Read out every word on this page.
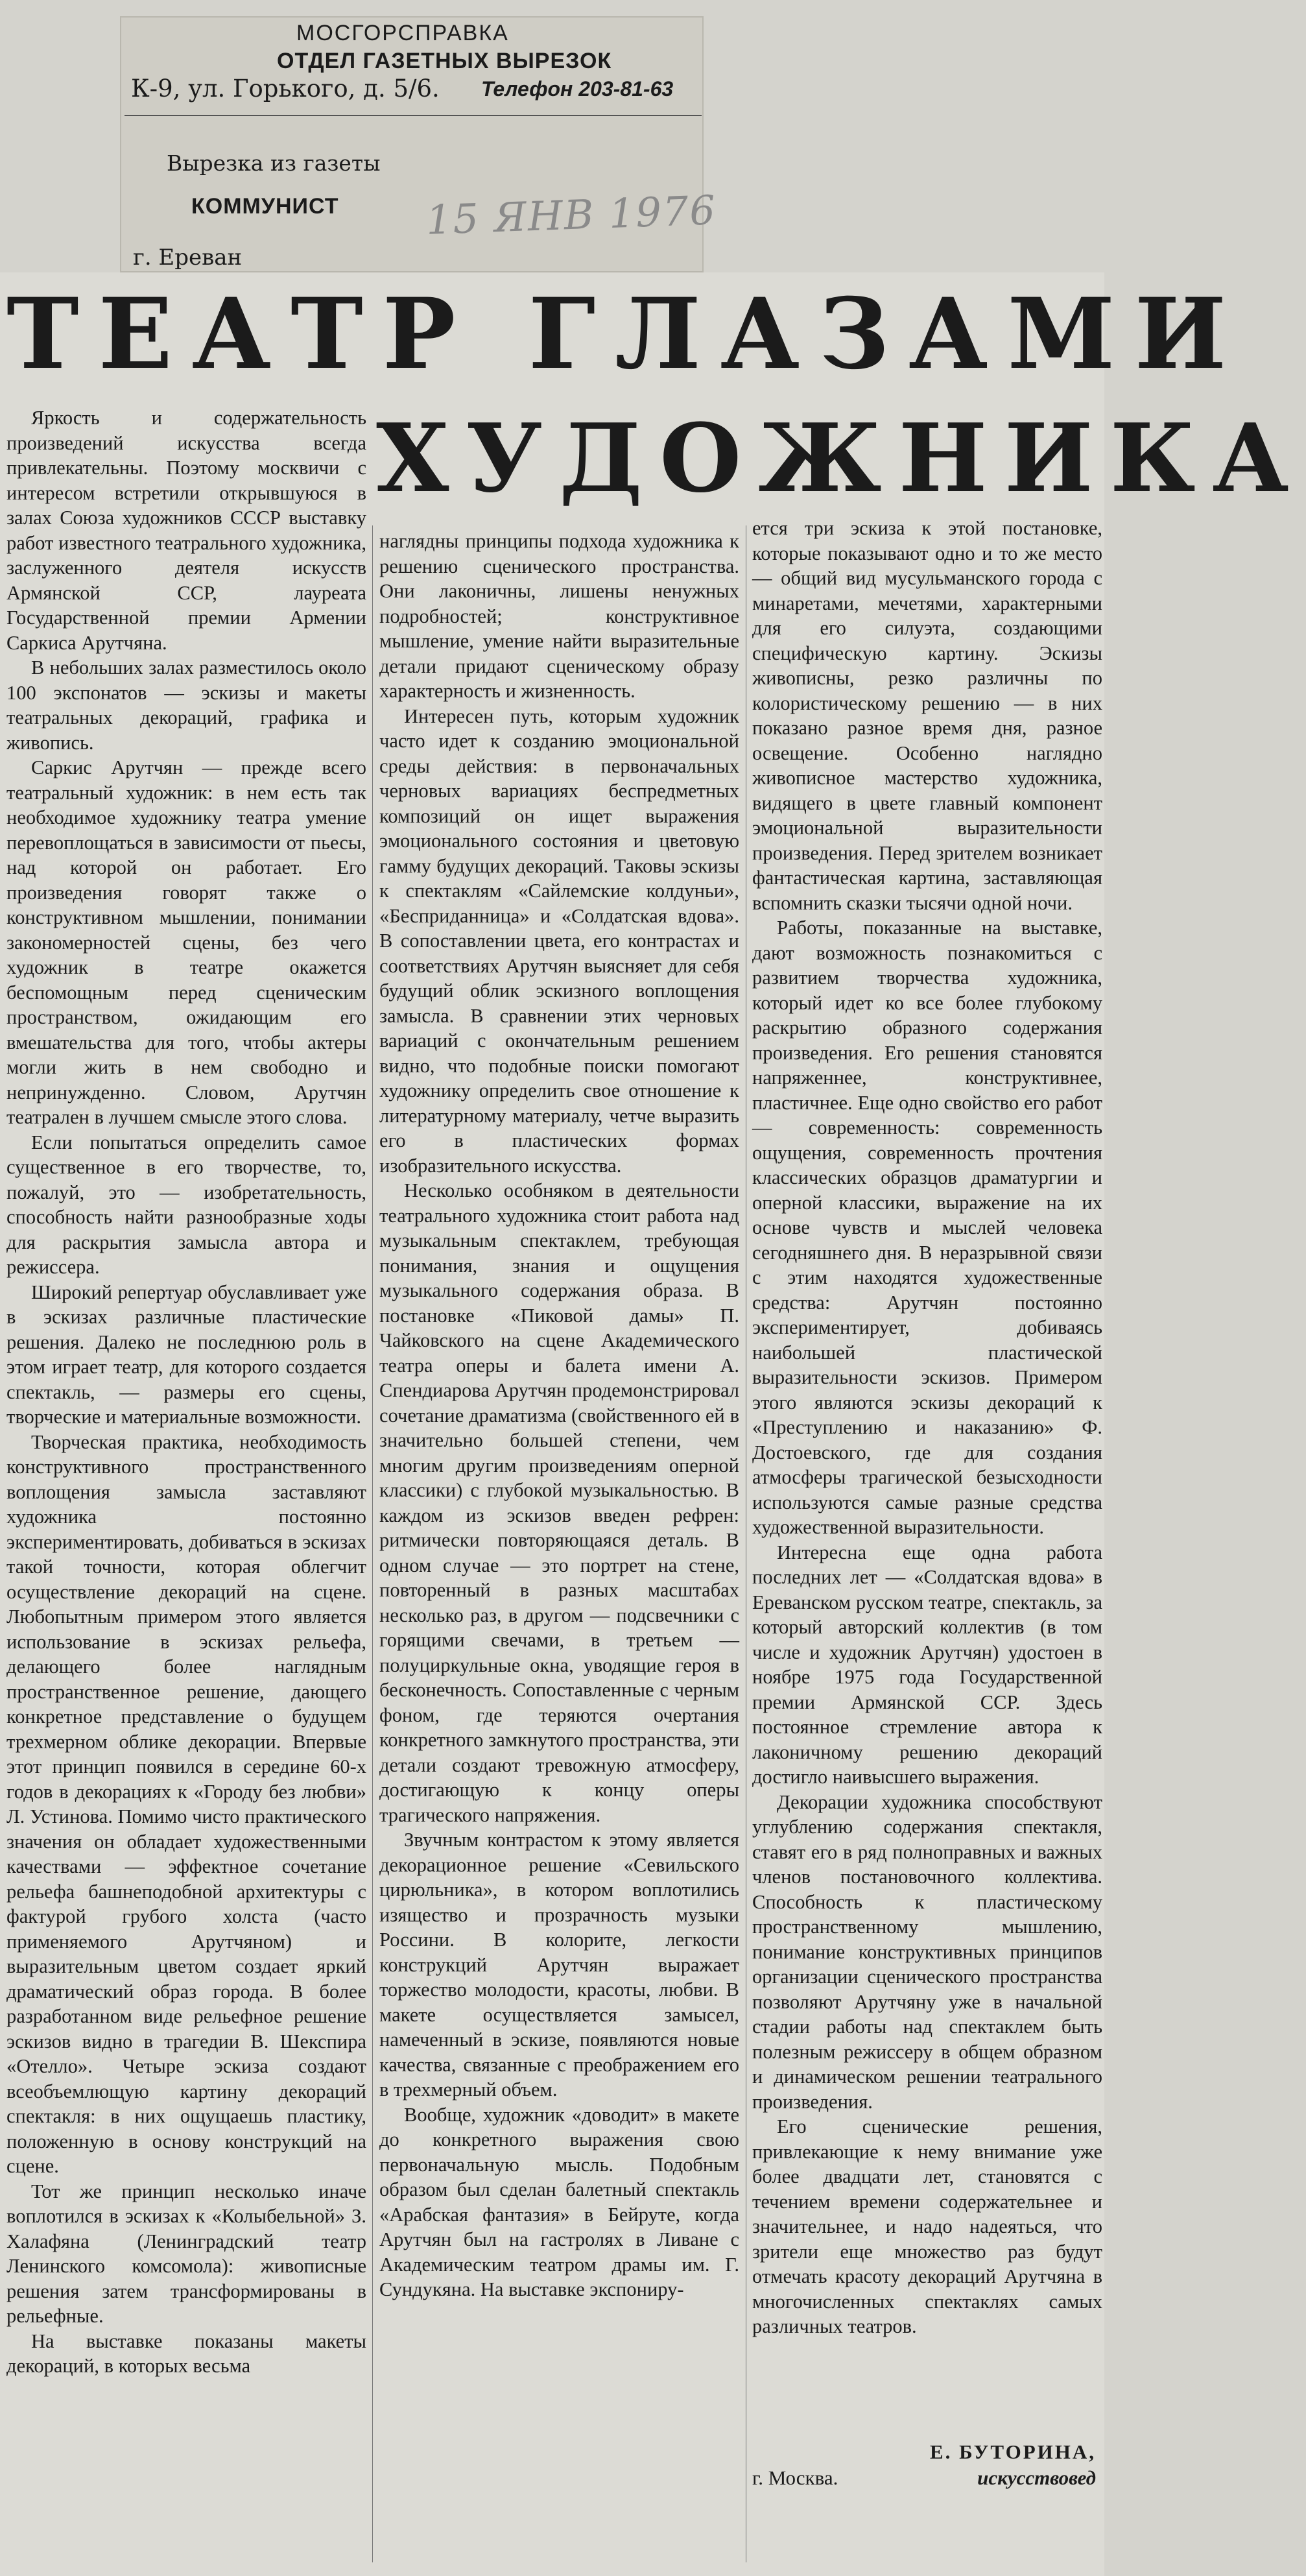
МОСГОРСПРАВКА
ОТДЕЛ ГАЗЕТНЫХ ВЫРЕЗОК
К-9, ул. Горького, д. 5/6. Телефон 203-81-63
Вырезка из газеты
КОММУНИСТ 15 ЯНВ 1976
г. Ереван
ТЕАТР ГЛАЗАМИ
ХУДОЖНИКА

Яркость и содержательность произведений искусства всегда привлекательны. Поэтому москвичи с интересом встретили открывшуюся в залах Союза художников СССР выставку работ известного театрального художника, заслуженного деятеля искусств Армянской ССР, лауреата Государственной премии Армении Саркиса Арутчяна.

В небольших залах разместилось около 100 экспонатов — эскизы и макеты театральных декораций, графика и живопись.

Саркис Арутчян — прежде всего театральный художник: в нем есть так необходимое художнику театра умение перевоплощаться в зависимости от пьесы, над которой он работает. Его произведения говорят также о конструктивном мышлении, понимании закономерностей сцены, без чего художник в театре окажется беспомощным перед сценическим пространством, ожидающим его вмешательства для того, чтобы актеры могли жить в нем свободно и непринужденно. Словом, Арутчян театрален в лучшем смысле этого слова.

Если попытаться определить самое существенное в его творчестве, то, пожалуй, это — изобретательность, способность найти разнообразные ходы для раскрытия замысла автора и режиссера.

Широкий репертуар обуславливает уже в эскизах различные пластические решения. Далеко не последнюю роль в этом играет театр, для которого создается спектакль, — размеры его сцены, творческие и материальные возможности.

Творческая практика, необходимость конструктивного пространственного воплощения замысла заставляют художника постоянно экспериментировать, добиваться в эскизах такой точности, которая облегчит осуществление декораций на сцене. Любопытным примером этого является использование в эскизах рельефа, делающего более наглядным пространственное решение, дающего конкретное представление о будущем трехмерном облике декорации. Впервые этот принцип появился в середине 60-х годов в декорациях к «Городу без любви» Л. Устинова. Помимо чисто практического значения он обладает художественными качествами — эффектное сочетание рельефа башнеподобной архитектуры с фактурой грубого холста (часто применяемого Арутчяном) и выразительным цветом создает яркий драматический образ города. В более разработанном виде рельефное решение эскизов видно в трагедии В. Шекспира «Отелло». Четыре эскиза создают всеобъемлющую картину декораций спектакля: в них ощущаешь пластику, положенную в основу конструкций на сцене.

Тот же принцип несколько иначе воплотился в эскизах к «Колыбельной» З. Халафяна (Ленинградский театр Ленинского комсомола): живописные решения затем трансформированы в рельефные.

На выставке показаны макеты декораций, в которых весьма

наглядны принципы подхода художника к решению сценического пространства. Они лаконичны, лишены ненужных подробностей; конструктивное мышление, умение найти выразительные детали придают сценическому образу характерность и жизненность.

Интересен путь, которым художник часто идет к созданию эмоциональной среды действия: в первоначальных черновых вариациях беспредметных композиций он ищет выражения эмоционального состояния и цветовую гамму будущих декораций. Таковы эскизы к спектаклям «Сайлемские колдуньи», «Бесприданница» и «Солдатская вдова». В сопоставлении цвета, его контрастах и соответствиях Арутчян выясняет для себя будущий облик эскизного воплощения замысла. В сравнении этих черновых вариаций с окончательным решением видно, что подобные поиски помогают художнику определить свое отношение к литературному материалу, четче выразить его в пластических формах изобразительного искусства.

Несколько особняком в деятельности театрального художника стоит работа над музыкальным спектаклем, требующая понимания, знания и ощущения музыкального содержания образа. В постановке «Пиковой дамы» П. Чайковского на сцене Академического театра оперы и балета имени А. Спендиарова Арутчян продемонстрировал сочетание драматизма (свойственного ей в значительно большей степени, чем многим другим произведениям оперной классики) с глубокой музыкальностью. В каждом из эскизов введен рефрен: ритмически повторяющаяся деталь. В одном случае — это портрет на стене, повторенный в разных масштабах несколько раз, в другом — подсвечники с горящими свечами, в третьем — полуциркульные окна, уводящие героя в бесконечность. Сопоставленные с черным фоном, где теряются очертания конкретного замкнутого пространства, эти детали создают тревожную атмосферу, достигающую к концу оперы трагического напряжения.

Звучным контрастом к этому является декорационное решение «Севильского цирюльника», в котором воплотились изящество и прозрачность музыки Россини. В колорите, легкости конструкций Арутчян выражает торжество молодости, красоты, любви. В макете осуществляется замысел, намеченный в эскизе, появляются новые качества, связанные с преображением его в трехмерный объем.

Вообще, художник «доводит» в макете до конкретного выражения свою первоначальную мысль. Подобным образом был сделан балетный спектакль «Арабская фантазия» в Бейруте, когда Арутчян был на гастролях в Ливане с Академическим театром драмы им. Г. Сундукяна. На выставке экспониру-

ется три эскиза к этой постановке, которые показывают одно и то же место — общий вид мусульманского города с минаретами, мечетями, характерными для его силуэта, создающими специфическую картину. Эскизы живописны, резко различны по колористическому решению — в них показано разное время дня, разное освещение. Особенно наглядно живописное мастерство художника, видящего в цвете главный компонент эмоциональной выразительности произведения. Перед зрителем возникает фантастическая картина, заставляющая вспомнить сказки тысячи одной ночи.

Работы, показанные на выставке, дают возможность познакомиться с развитием творчества художника, который идет ко все более глубокому раскрытию образного содержания произведения. Его решения становятся напряженнее, конструктивнее, пластичнее. Еще одно свойство его работ — современность: современность ощущения, современность прочтения классических образцов драматургии и оперной классики, выражение на их основе чувств и мыслей человека сегодняшнего дня. В неразрывной связи с этим находятся художественные средства: Арутчян постоянно экспериментирует, добиваясь наибольшей пластической выразительности эскизов. Примером этого являются эскизы декораций к «Преступлению и наказанию» Ф. Достоевского, где для создания атмосферы трагической безысходности используются самые разные средства художественной выразительности.

Интересна еще одна работа последних лет — «Солдатская вдова» в Ереванском русском театре, спектакль, за который авторский коллектив (в том числе и художник Арутчян) удостоен в ноябре 1975 года Государственной премии Армянской ССР. Здесь постоянное стремление автора к лаконичному решению декораций достигло наивысшего выражения.

Декорации художника способствуют углублению содержания спектакля, ставят его в ряд полноправных и важных членов постановочного коллектива. Способность к пластическому пространственному мышлению, понимание конструктивных принципов организации сценического пространства позволяют Арутчяну уже в начальной стадии работы над спектаклем быть полезным режиссеру в общем образном и динамическом решении театрального произведения.

Его сценические решения, привлекающие к нему внимание уже более двадцати лет, становятся с течением времени содержательнее и значительнее, и надо надеяться, что зрители еще множество раз будут отмечать красоту декораций Арутчяна в многочисленных спектаклях самых различных театров.

Е. БУТОРИНА,
г. Москва.	искусствовед
